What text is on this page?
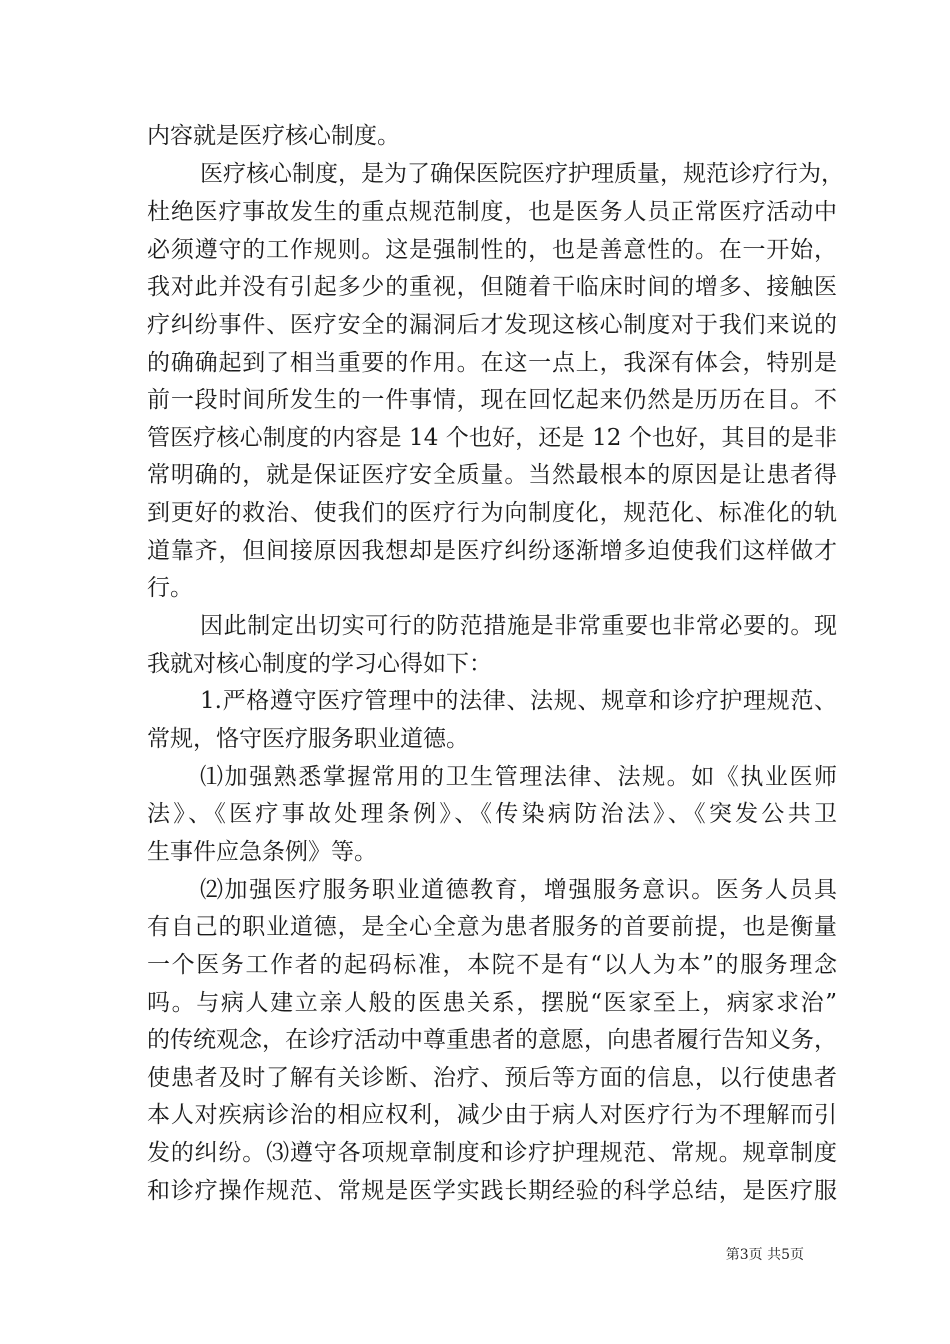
内容就是医疗核心制度。
医疗核心制度，是为了确保医院医疗护理质量，规范诊疗行为，
杜绝医疗事故发生的重点规范制度，也是医务人员正常医疗活动中
必须遵守的工作规则。这是强制性的，也是善意性的。在一开始，
我对此并没有引起多少的重视，但随着干临床时间的增多、接触医
疗纠纷事件、医疗安全的漏洞后才发现这核心制度对于我们来说的
的确确起到了相当重要的作用。在这一点上，我深有体会，特别是
前一段时间所发生的一件事情，现在回忆起来仍然是历历在目。不
管医疗核心制度的内容是 14 个也好，还是 12 个也好，其目的是非
常明确的，就是保证医疗安全质量。当然最根本的原因是让患者得
到更好的救治、使我们的医疗行为向制度化，规范化、标准化的轨
道靠齐，但间接原因我想却是医疗纠纷逐渐增多迫使我们这样做才
行。
因此制定出切实可行的防范措施是非常重要也非常必要的。现
我就对核心制度的学习心得如下：
1.严格遵守医疗管理中的法律、法规、规章和诊疗护理规范、
常规，恪守医疗服务职业道德。
⑴加强熟悉掌握常用的卫生管理法律、法规。如《执业医师
法》、《医疗事故处理条例》、《传染病防治法》、《突发公共卫
生事件应急条例》等。
⑵加强医疗服务职业道德教育，增强服务意识。医务人员具
有自己的职业道德，是全心全意为患者服务的首要前提，也是衡量
一个医务工作者的起码标准，本院不是有“以人为本”的服务理念
吗。与病人建立亲人般的医患关系，摆脱“医家至上，病家求治”
的传统观念，在诊疗活动中尊重患者的意愿，向患者履行告知义务，
使患者及时了解有关诊断、治疗、预后等方面的信息，以行使患者
本人对疾病诊治的相应权利，减少由于病人对医疗行为不理解而引
发的纠纷。⑶遵守各项规章制度和诊疗护理规范、常规。规章制度
和诊疗操作规范、常规是医学实践长期经验的科学总结，是医疗服
第3页 共5页
